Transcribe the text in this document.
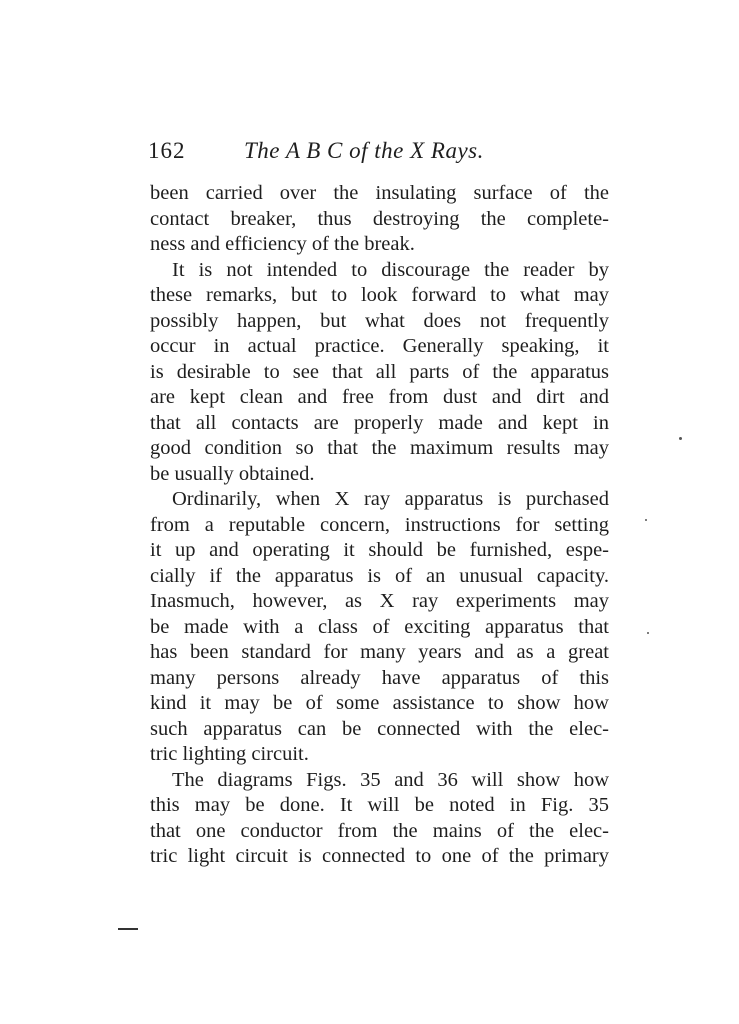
162	The A B C of the X Rays.
been carried over the insulating surface of the
contact breaker, thus destroying the complete-
ness and efficiency of the break.
It is not intended to discourage the reader by
these remarks, but to look forward to what may
possibly happen, but what does not frequently
occur in actual practice. Generally speaking, it
is desirable to see that all parts of the apparatus
are kept clean and free from dust and dirt and
that all contacts are properly made and kept in
good condition so that the maximum results may
be usually obtained.
Ordinarily, when X ray apparatus is purchased
from a reputable concern, instructions for setting
it up and operating it should be furnished, espe-
cially if the apparatus is of an unusual capacity.
Inasmuch, however, as X ray experiments may
be made with a class of exciting apparatus that
has been standard for many years and as a great
many persons already have apparatus of this
kind it may be of some assistance to show how
such apparatus can be connected with the elec-
tric lighting circuit.
The diagrams Figs. 35 and 36 will show how
this may be done. It will be noted in Fig. 35
that one conductor from the mains of the elec-
tric light circuit is connected to one of the primary
